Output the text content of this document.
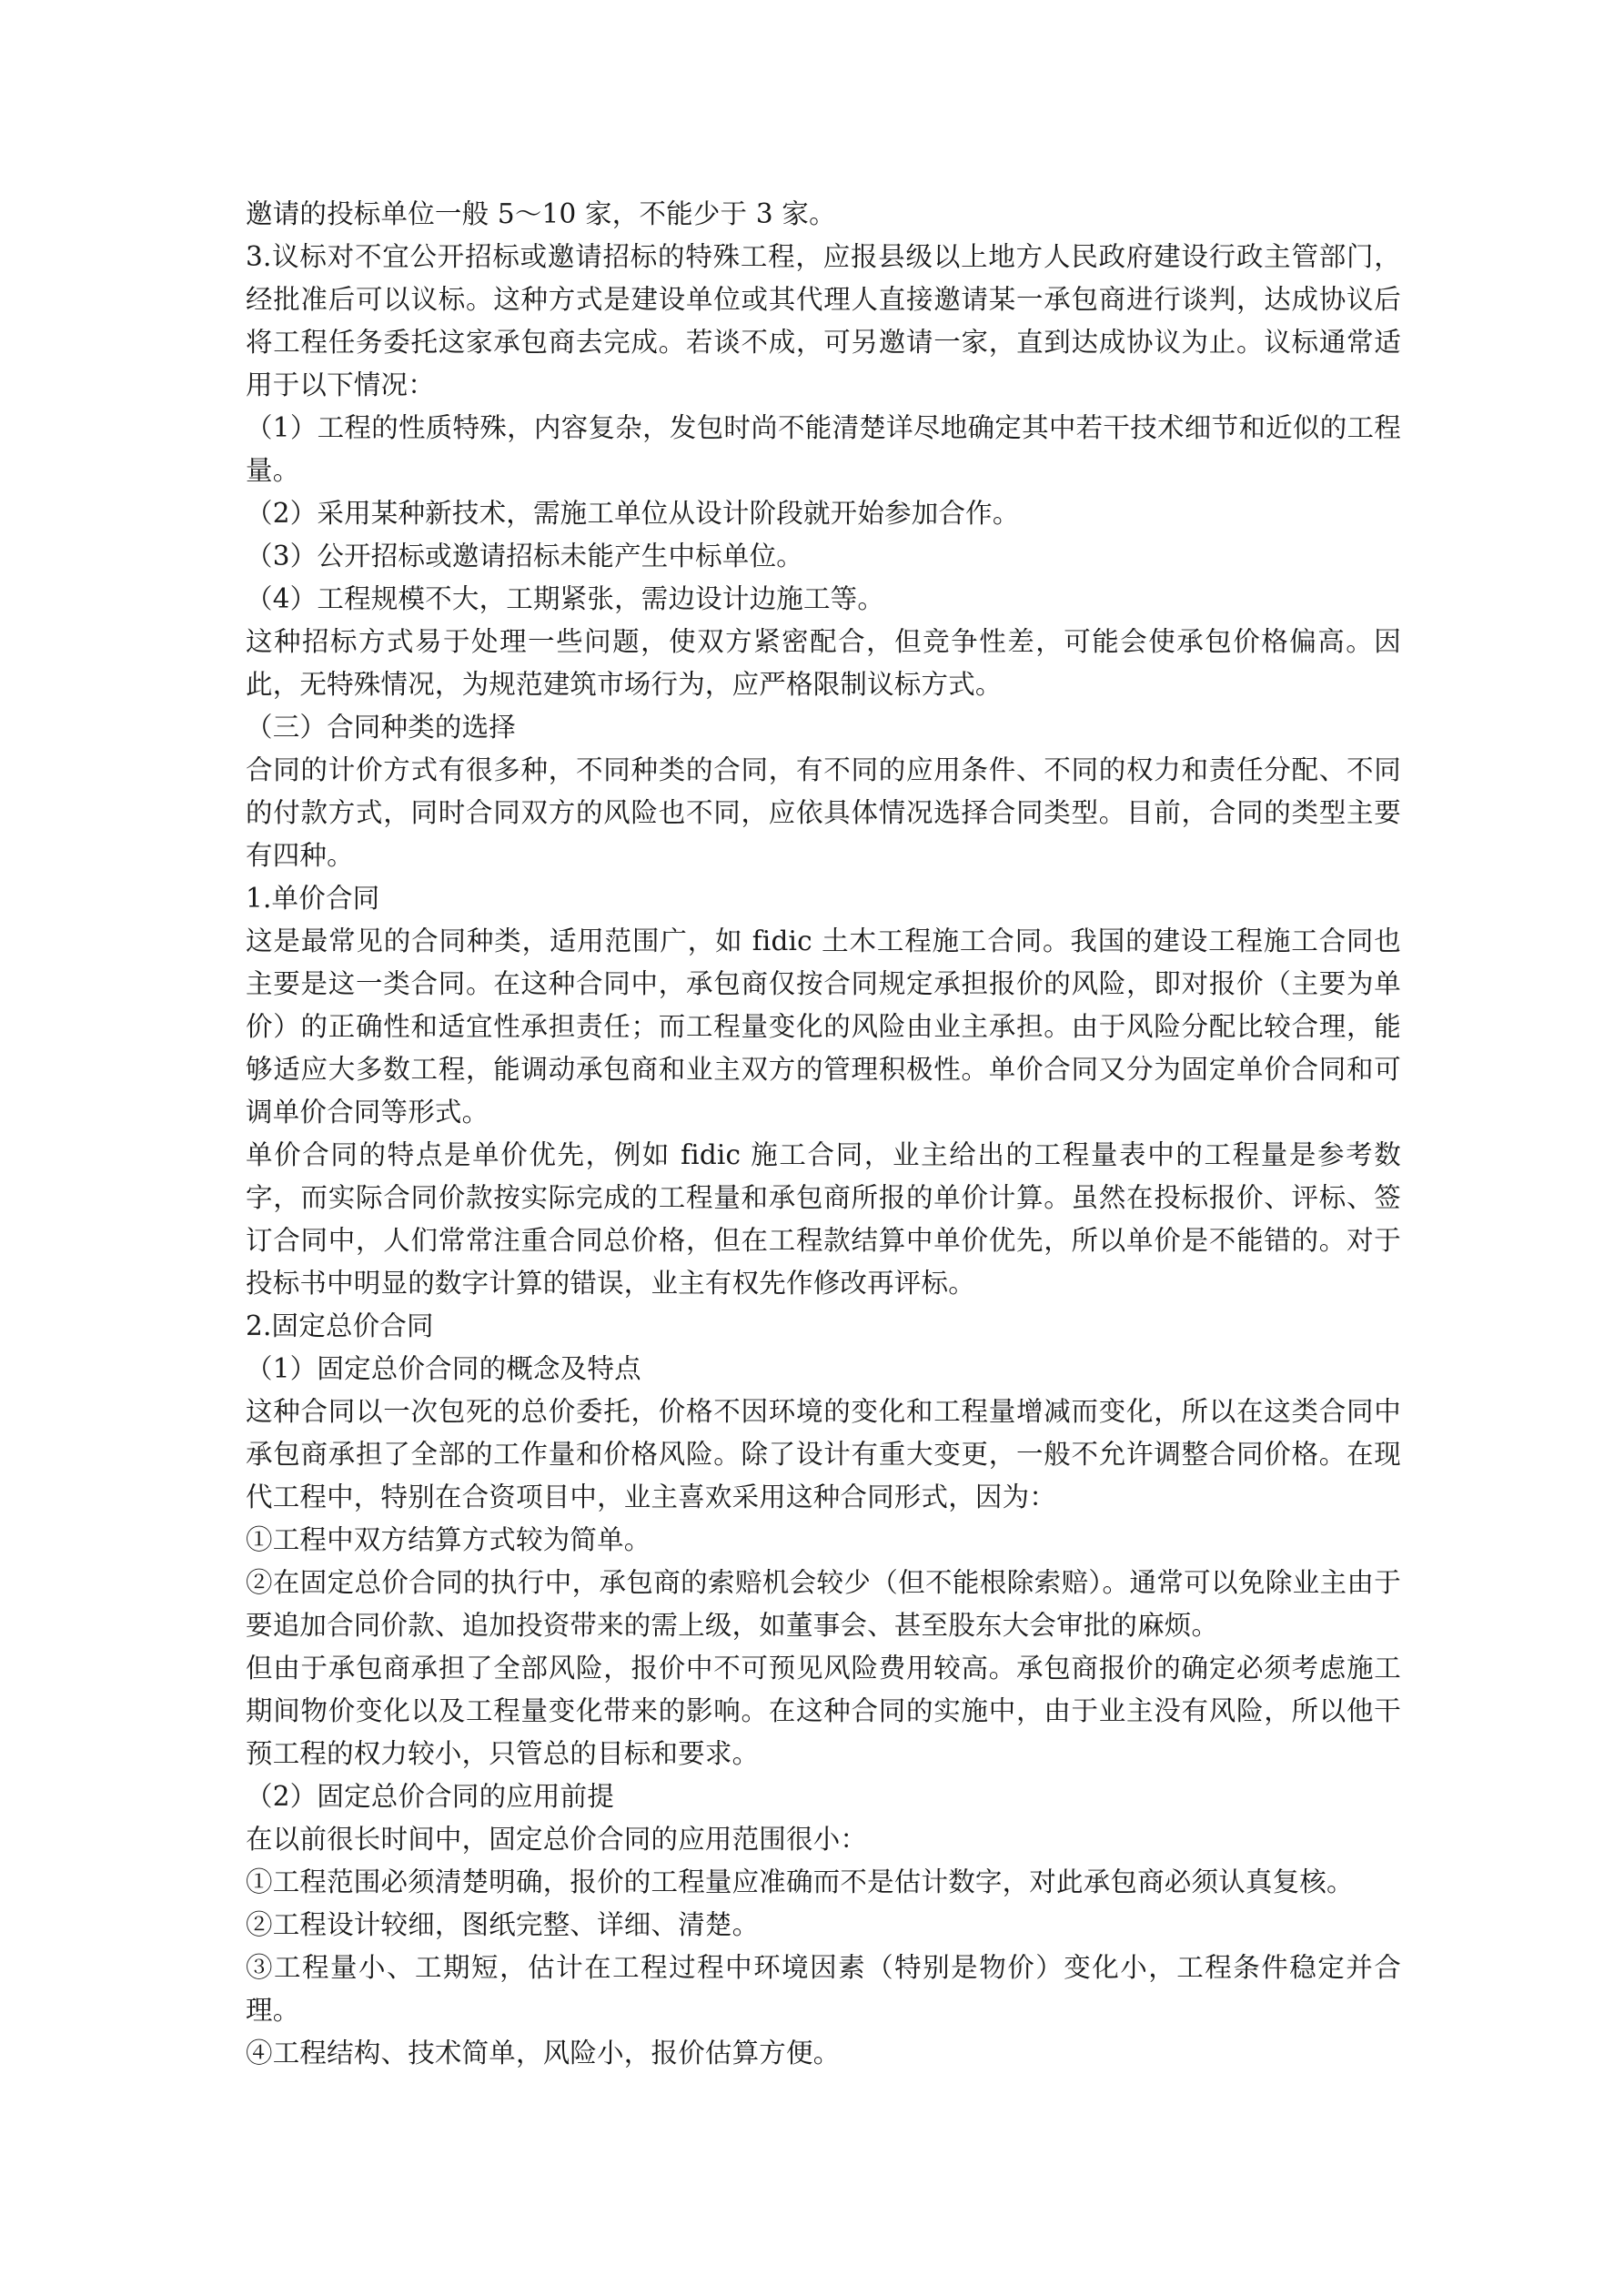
邀请的投标单位一般 5～10 家，不能少于 3 家。

3.议标对不宜公开招标或邀请招标的特殊工程，应报县级以上地方人民政府建设行政主管部门，经批准后可以议标。这种方式是建设单位或其代理人直接邀请某一承包商进行谈判，达成协议后将工程任务委托这家承包商去完成。若谈不成，可另邀请一家，直到达成协议为止。议标通常适用于以下情况：

（1）工程的性质特殊，内容复杂，发包时尚不能清楚详尽地确定其中若干技术细节和近似的工程量。

（2）采用某种新技术，需施工单位从设计阶段就开始参加合作。

（3）公开招标或邀请招标未能产生中标单位。

（4）工程规模不大，工期紧张，需边设计边施工等。

这种招标方式易于处理一些问题，使双方紧密配合，但竞争性差，可能会使承包价格偏高。因此，无特殊情况，为规范建筑市场行为，应严格限制议标方式。

（三）合同种类的选择

合同的计价方式有很多种，不同种类的合同，有不同的应用条件、不同的权力和责任分配、不同的付款方式，同时合同双方的风险也不同，应依具体情况选择合同类型。目前，合同的类型主要有四种。

1.单价合同

这是最常见的合同种类，适用范围广，如 fidic 土木工程施工合同。我国的建设工程施工合同也主要是这一类合同。在这种合同中，承包商仅按合同规定承担报价的风险，即对报价（主要为单价）的正确性和适宜性承担责任；而工程量变化的风险由业主承担。由于风险分配比较合理，能够适应大多数工程，能调动承包商和业主双方的管理积极性。单价合同又分为固定单价合同和可调单价合同等形式。

单价合同的特点是单价优先，例如 fidic 施工合同，业主给出的工程量表中的工程量是参考数字，而实际合同价款按实际完成的工程量和承包商所报的单价计算。虽然在投标报价、评标、签订合同中，人们常常注重合同总价格，但在工程款结算中单价优先，所以单价是不能错的。对于投标书中明显的数字计算的错误，业主有权先作修改再评标。

2.固定总价合同

（1）固定总价合同的概念及特点

这种合同以一次包死的总价委托，价格不因环境的变化和工程量增减而变化，所以在这类合同中承包商承担了全部的工作量和价格风险。除了设计有重大变更，一般不允许调整合同价格。在现代工程中，特别在合资项目中，业主喜欢采用这种合同形式，因为：

①工程中双方结算方式较为简单。

②在固定总价合同的执行中，承包商的索赔机会较少（但不能根除索赔）。通常可以免除业主由于要追加合同价款、追加投资带来的需上级，如董事会、甚至股东大会审批的麻烦。

但由于承包商承担了全部风险，报价中不可预见风险费用较高。承包商报价的确定必须考虑施工期间物价变化以及工程量变化带来的影响。在这种合同的实施中，由于业主没有风险，所以他干预工程的权力较小，只管总的目标和要求。

（2）固定总价合同的应用前提

在以前很长时间中，固定总价合同的应用范围很小：

①工程范围必须清楚明确，报价的工程量应准确而不是估计数字，对此承包商必须认真复核。

②工程设计较细，图纸完整、详细、清楚。

③工程量小、工期短，估计在工程过程中环境因素（特别是物价）变化小，工程条件稳定并合理。

④工程结构、技术简单，风险小，报价估算方便。
